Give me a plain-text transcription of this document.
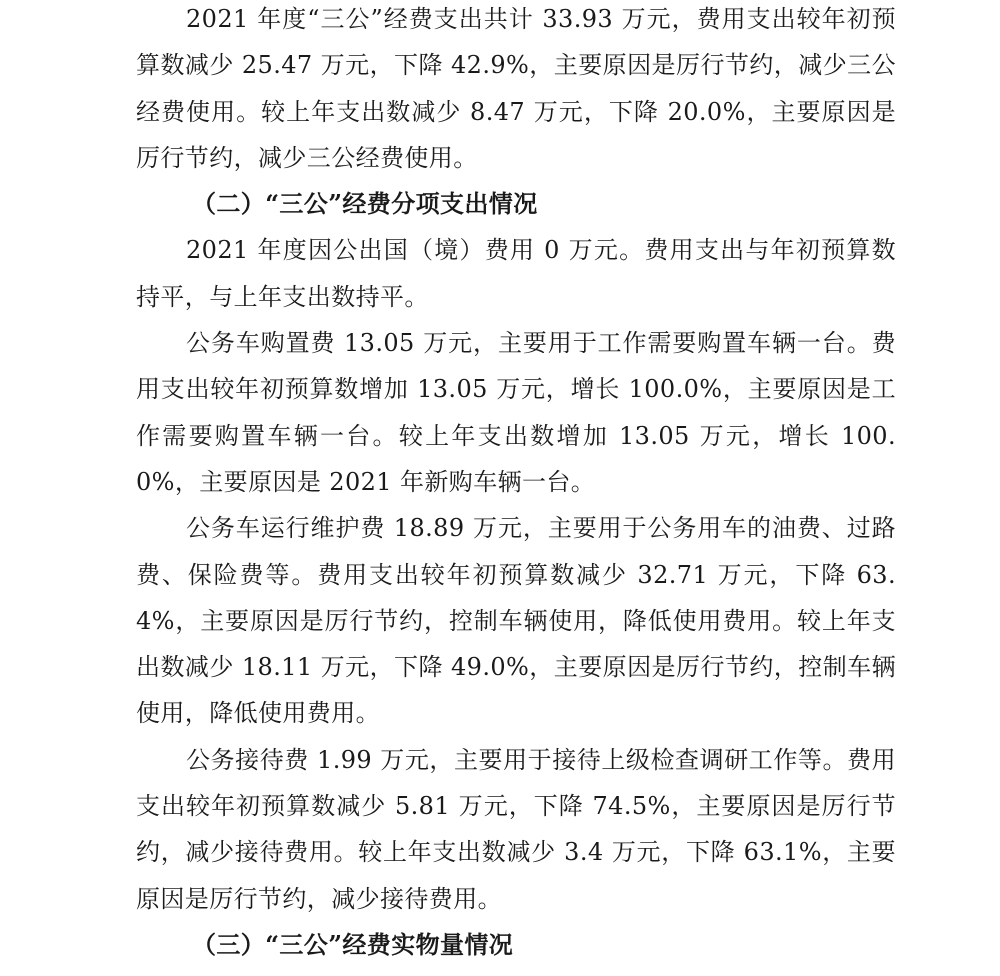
2021 年度“三公”经费支出共计 33.93 万元，费用支出较年初预算数减少 25.47 万元，下降 42.9%，主要原因是厉行节约，减少三公经费使用。较上年支出数减少 8.47 万元，下降 20.0%，主要原因是厉行节约，减少三公经费使用。

（二）“三公”经费分项支出情况

2021 年度因公出国（境）费用 0 万元。费用支出与年初预算数持平，与上年支出数持平。

公务车购置费 13.05 万元，主要用于工作需要购置车辆一台。费用支出较年初预算数增加 13.05 万元，增长 100.0%，主要原因是工作需要购置车辆一台。较上年支出数增加 13.05 万元，增长 100.0%，主要原因是 2021 年新购车辆一台。

公务车运行维护费 18.89 万元，主要用于公务用车的油费、过路费、保险费等。费用支出较年初预算数减少 32.71 万元，下降 63.4%，主要原因是厉行节约，控制车辆使用，降低使用费用。较上年支出数减少 18.11 万元，下降 49.0%，主要原因是厉行节约，控制车辆使用，降低使用费用。

公务接待费 1.99 万元，主要用于接待上级检查调研工作等。费用支出较年初预算数减少 5.81 万元，下降 74.5%，主要原因是厉行节约，减少接待费用。较上年支出数减少 3.4 万元，下降 63.1%，主要原因是厉行节约，减少接待费用。

（三）“三公”经费实物量情况
